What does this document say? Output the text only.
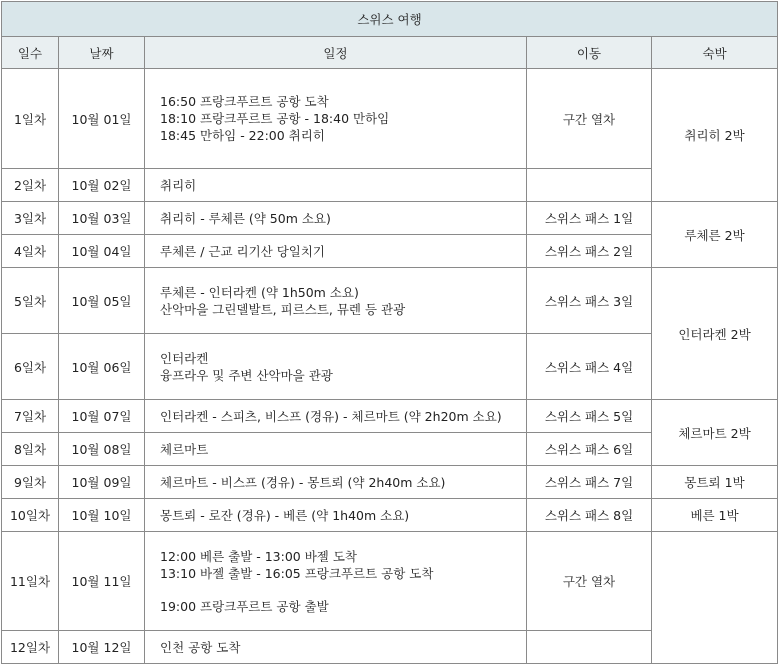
스위스 여행				
일수	날짜	일정	이동	숙박
1일차	10월 01일	16:50 프랑크푸르트 공항 도착
18:10 프랑크푸르트 공항 - 18:40 만하임
18:45 만하임 - 22:00 취리히	구간 열차	취리히 2박
2일차	10월 02일	취리히		
3일차	10월 03일	취리히 - 루체른 (약 50m 소요)	스위스 패스 1일	루체른 2박
4일차	10월 04일	루체른 / 근교 리기산 당일치기	스위스 패스 2일	
5일차	10월 05일	루체른 - 인터라켄 (약 1h50m 소요)
산악마을 그린델발트, 피르스트, 뮤렌 등 관광	스위스 패스 3일	인터라켄 2박
6일차	10월 06일	인터라켄
융프라우 및 주변 산악마을 관광	스위스 패스 4일	
7일차	10월 07일	인터라켄 - 스피츠, 비스프 (경유) - 체르마트 (약 2h20m 소요)	스위스 패스 5일	체르마트 2박
8일차	10월 08일	체르마트	스위스 패스 6일	
9일차	10월 09일	체르마트 - 비스프 (경유) - 몽트뢰 (약 2h40m 소요)	스위스 패스 7일	몽트뢰 1박
10일차	10월 10일	몽트뢰 - 로잔 (경유) - 베른 (약 1h40m 소요)	스위스 패스 8일	베른 1박
11일차	10월 11일	12:00 베른 출발 - 13:00 바젤 도착
13:10 바젤 출발 - 16:05 프랑크푸르트 공항 도착
19:00 프랑크푸르트 공항 출발	구간 열차	
12일차	10월 12일	인천 공항 도착		
